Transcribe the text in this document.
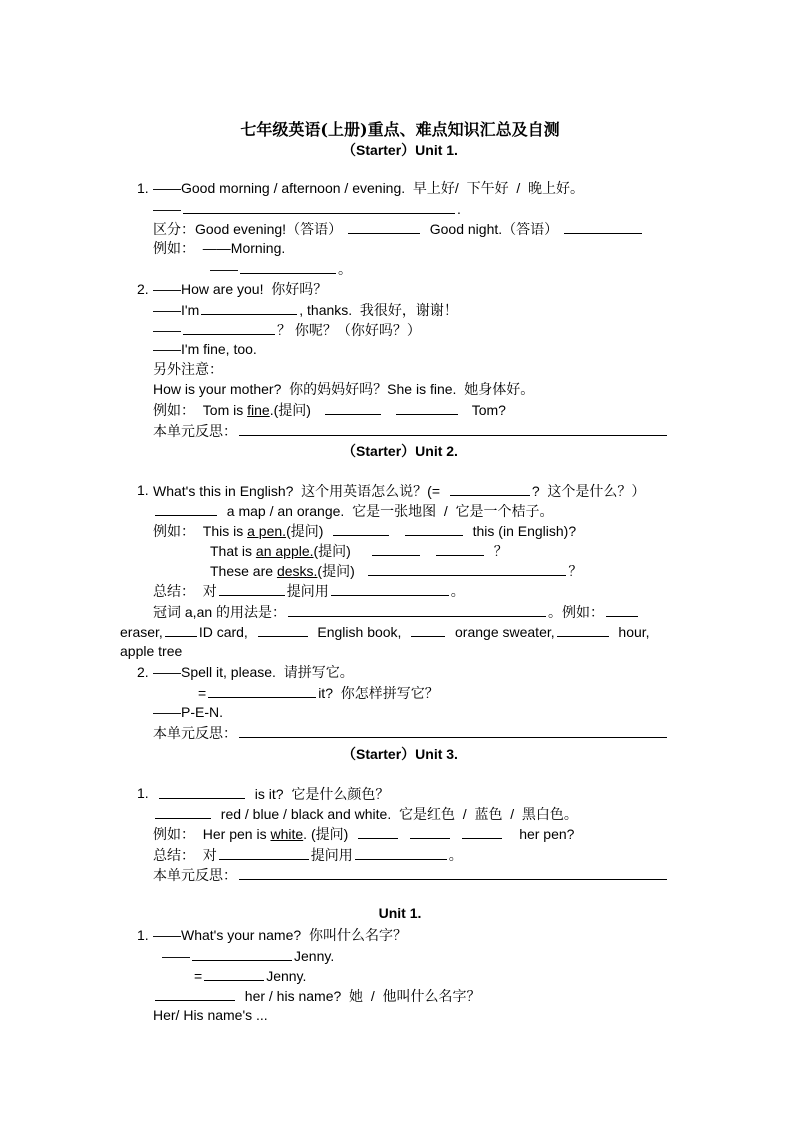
七年级英语(上册)重点、难点知识汇总及自测
（Starter）Unit 1.
1. ——Good morning / afternoon / evening.  早上好/  下午好  /  晚上好。
——	.
区分：Good evening!（答语）	Good night.（答语）
例如：  ——Morning.
——	。
2. ——How are you!  你好吗？
——I'm	, thanks.  我很好，谢谢！
——	？ 你呢？（你好吗？）
——I'm fine, too.
另外注意：
How is your mother?  你的妈妈好吗？She is fine.  她身体好。
例如：  Tom is fine.(提问)	Tom?
本单元反思：
（Starter）Unit 2.
1. What's this in English?  这个用英语怎么说？(=	?  这个是什么？）
a map / an orange.  它是一张地图  /  它是一个桔子。
例如：  This is a pen.(提问)	this (in English)?
That is an apple.(提问)	？
These are desks.(提问)	？
总结：  对	提问用	。
冠词 a,an 的用法是：	。例如：
eraser,	ID card,	English book,	orange sweater,	hour,
apple tree
2. ——Spell it, please.  请拼写它。
=	it?  你怎样拼写它？
——P-E-N.
本单元反思：
（Starter）Unit 3.
1.	is it?  它是什么颜色？
red / blue / black and white.  它是红色  /  蓝色  /  黑白色。
例如：  Her pen is white. (提问)	her pen?
总结：  对	提问用	。
本单元反思：
Unit 1.
1. ——What's your name?  你叫什么名字？
——	Jenny.
=	Jenny.
her / his name?  她  /  他叫什么名字？
Her/ His name's ...
